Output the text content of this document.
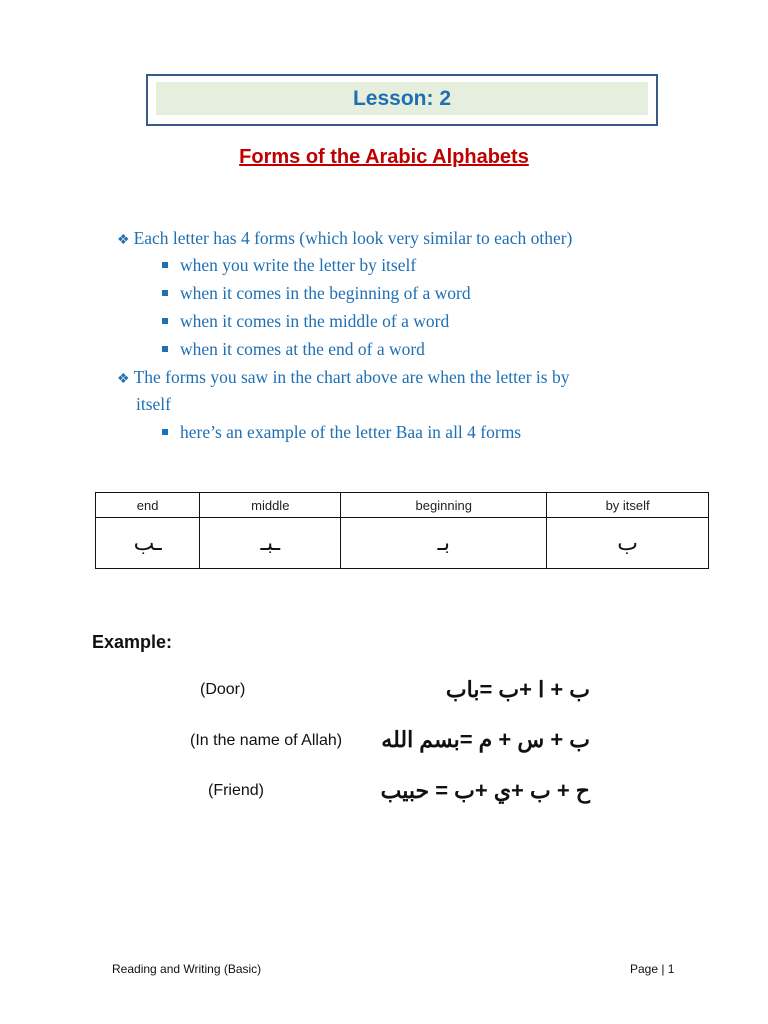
Lesson: 2
Forms of the Arabic Alphabets
❖ Each letter has 4 forms (which look very similar to each other)
when you write the letter by itself
when it comes in the beginning of a word
when it comes in the middle of a word
when it comes at the end of a word
❖ The forms you saw in the chart above are when the letter is by
itself
here’s an example of the letter Baa in all 4 forms
end	middle	beginning	by itself
ـب	ـبـ	بـ	ب
Example:
(Door)	ب + ا +ب =باب
(In the name of Allah) ب + س + م =بسم الله
(Friend)	ح + ب +ي +ب = حبيب
Reading and Writing (Basic)	Page | 1
